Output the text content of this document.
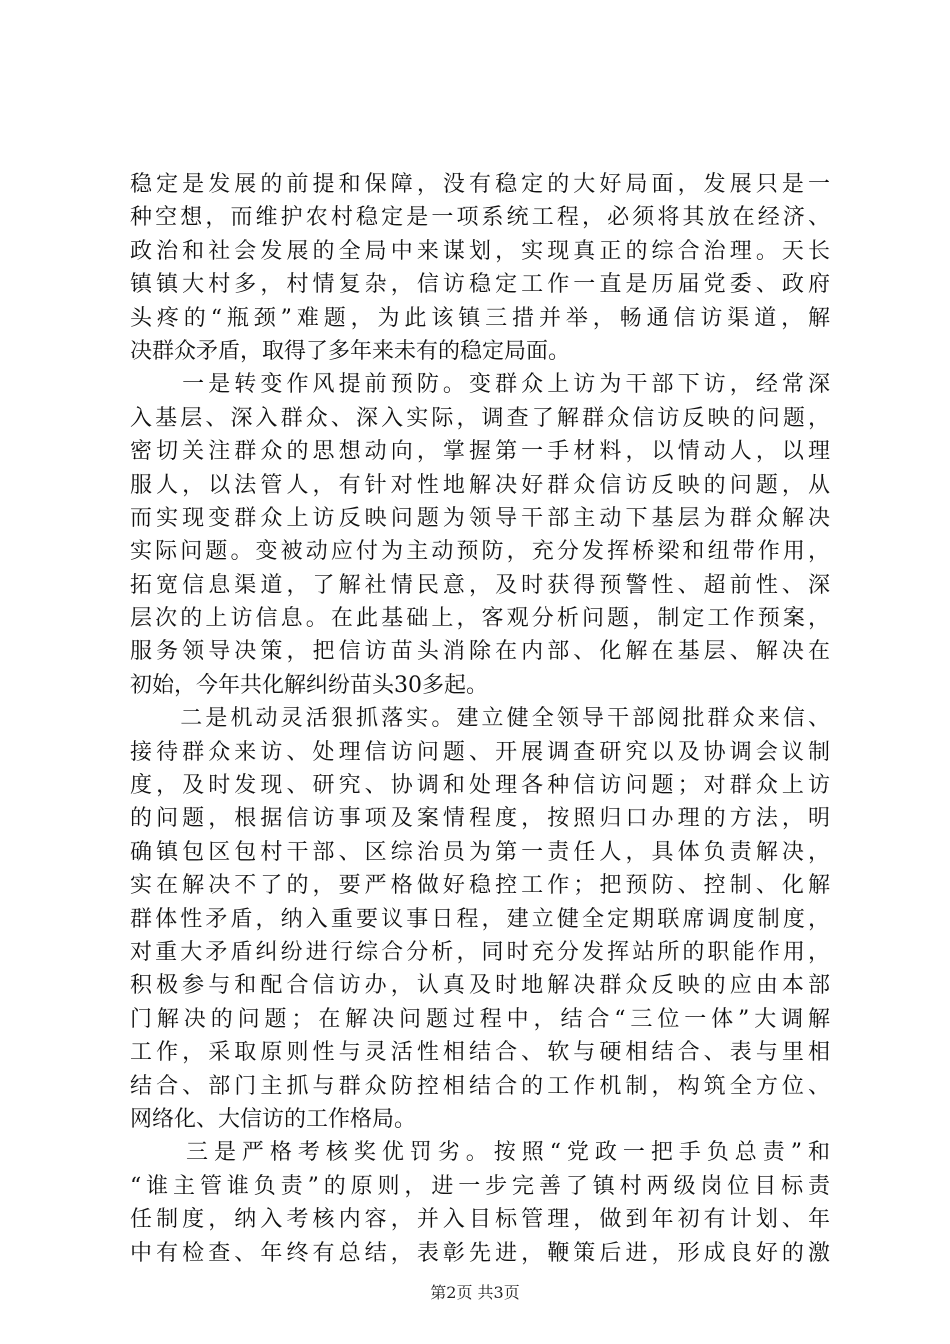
稳定是发展的前提和保障，没有稳定的大好局面，发展只是一
种空想，而维护农村稳定是一项系统工程，必须将其放在经济、
政治和社会发展的全局中来谋划，实现真正的综合治理。天长
镇镇大村多，村情复杂，信访稳定工作一直是历届党委、政府
头疼的“瓶颈”难题，为此该镇三措并举，畅通信访渠道，解
决群众矛盾，取得了多年来未有的稳定局面。
　　一是转变作风提前预防。变群众上访为干部下访，经常深
入基层、深入群众、深入实际，调查了解群众信访反映的问题，
密切关注群众的思想动向，掌握第一手材料，以情动人，以理
服人，以法管人，有针对性地解决好群众信访反映的问题，从
而实现变群众上访反映问题为领导干部主动下基层为群众解决
实际问题。变被动应付为主动预防，充分发挥桥梁和纽带作用，
拓宽信息渠道，了解社情民意，及时获得预警性、超前性、深
层次的上访信息。在此基础上，客观分析问题，制定工作预案，
服务领导决策，把信访苗头消除在内部、化解在基层、解决在
初始，今年共化解纠纷苗头30多起。
　　二是机动灵活狠抓落实。建立健全领导干部阅批群众来信、
接待群众来访、处理信访问题、开展调查研究以及协调会议制
度，及时发现、研究、协调和处理各种信访问题；对群众上访
的问题，根据信访事项及案情程度，按照归口办理的方法，明
确镇包区包村干部、区综治员为第一责任人，具体负责解决，
实在解决不了的，要严格做好稳控工作；把预防、控制、化解
群体性矛盾，纳入重要议事日程，建立健全定期联席调度制度，
对重大矛盾纠纷进行综合分析，同时充分发挥站所的职能作用，
积极参与和配合信访办，认真及时地解决群众反映的应由本部
门解决的问题；在解决问题过程中，结合“三位一体”大调解
工作，采取原则性与灵活性相结合、软与硬相结合、表与里相
结合、部门主抓与群众防控相结合的工作机制，构筑全方位、
网络化、大信访的工作格局。
　　三是严格考核奖优罚劣。按照“党政一把手负总责”和
“谁主管谁负责”的原则，进一步完善了镇村两级岗位目标责
任制度，纳入考核内容，并入目标管理，做到年初有计划、年
中有检查、年终有总结，表彰先进，鞭策后进，形成良好的激
第2页 共3页
